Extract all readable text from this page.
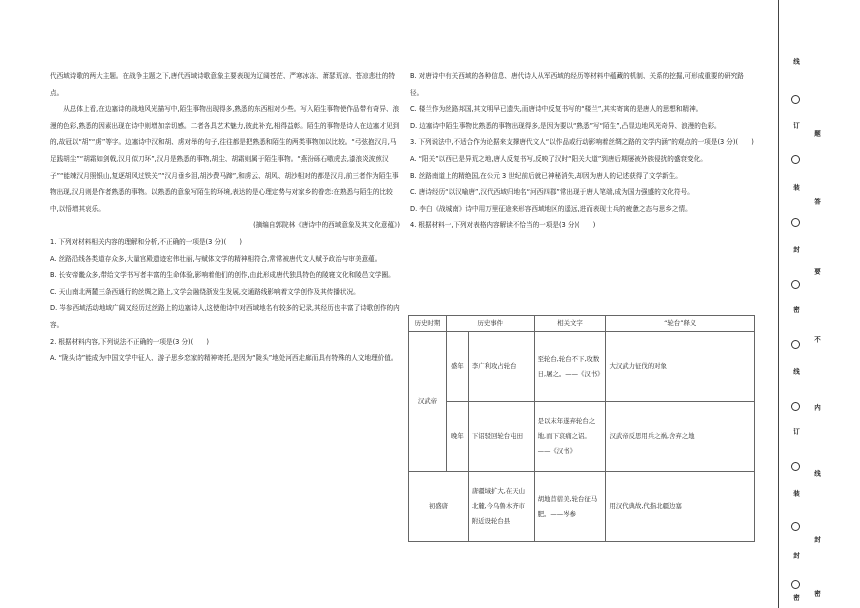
代西域诗歌的两大主题。在战争主题之下,唐代西域诗歌意象主要表现为辽阔苍茫、严寒冰冻、萧瑟荒凉、苍凉悲壮的特点。

从总体上看,在边塞诗的战地风光描写中,陌生事物出现得多,熟悉的东西相对少些。写入陌生事物使作品带有奇异、浪漫的色彩,熟悉的因素出现在诗中则增加亲切感。二者各具艺术魅力,彼此补充,相得益彰。陌生的事物是诗人在边塞才见到的,故冠以“胡”“虏”等字。边塞诗中汉和胡、虏对举的句子,往往都是把熟悉和陌生的两类事物加以比较。“弓弦抱汉月,马足践胡尘”“胡霜如剑戟,汉月似刀环”,汉月是熟悉的事物,胡尘、胡霜则属于陌生事物。“燕汾砾石嗷虎去,漆浪炎波煎汉子”“能竦汉月照银山,复逐胡风过铁关”“汉月垂乡泪,胡沙费马蹄”,和虏云、胡风、胡沙相对的都是汉月,前三者作为陌生事物出现,汉月则是作者熟悉的事物。以熟悉的意象写陌生的环境,表达的是心理定势与对家乡的眷恋:在熟悉与陌生的比较中,以悟增其哀乐。

(摘编自郭院林《唐诗中的西域意象及其文化意蕴》)

1. 下列对材料相关内容的理解和分析,不正确的一项是(3 分)(　　)

A. 丝路沿线各类道存众多,大量宫殿遗迹宏伟壮丽,与赋体文学的精神相符合,常常被唐代文人赋予政治与审美意蕴。

B. 长安帝畿众多,带给文学书写者丰富的生命体验,影响着他们的创作,由此形成唐代独具特色的陵寝文化和陵邑文学圈。

C. 天山南北两麓三条西通行的丝绸之路上,文学会融绕浙发生发展,交通路线影响着文学创作及其传播状况。

D. 岑参西域活动地域广阔又经历过丝路上的边塞诗人,这使他诗中对西域地名有较多的记录,其经历也丰富了诗歌创作的内容。

2. 根据材料内容,下列说法不正确的一项是(3 分)(　　)

A. “陇头诗”能成为中国文学中征人、游子思乡恋家的精神寄托,是因为“陇头”地处河西走廊而具有特殊的人文地理价值。

B. 对唐诗中有关西域的各种信息、唐代诗人从军西域的经历等材料中蕴藏的机制、关系的挖掘,可形成重要的研究路径。

C. 楼兰作为丝路邦国,其文明早已遗失,而唐诗中反复书写的“楼兰”,其实寄寓的是唐人的思想和精神。

D. 边塞诗中陌生事物比熟悉的事物出现得多,是因为要以“熟悉”写“陌生”,凸显边地风光奇异、浪漫的色彩。

3. 下列说法中,不适合作为论据来支撑唐代文人“以作品或行动影响着丝绸之路的文学内涵”的观点的一项是(3 分)(　　)

A. “阳关”以西已是异荒之地,唐人反复书写,反映了汉时“阳关大道”到唐后期屡被外族侵扰的盛衰变化。

B. 丝路南道上的精绝国,在公元 3 世纪前后就已神秘消失,却因为唐人的记述获得了文学新生。

C. 唐诗经历“以汉喻唐”,汉代西域归地名“河西四郡”常出现于唐人笔端,成为国力强盛的文化符号。

D. 李白《战城南》诗中用万里征途来形容西域地区的遥远,进而表现士兵的疲惫之态与思乡之情。

4. 根据材料一,下列对表格内容解读不恰当的一项是(3 分)(　　)

历史时期	历史事件		相关文字	“轮台”释义
汉武帝	盛年	李广利攻占轮台	至轮台,轮台不下,攻数日,屠之。——《汉书》	大汉武力征伐的对象
	晚年	下诏驳回轮台屯田	是以末年遂弃轮台之地,而下哀痛之诏。——《汉书》	汉武帝反思用兵之祸,舍弃之地
初盛唐		唐疆域扩大,在天山北麓,今乌鲁木齐市附近设轮台县	胡地苜蓿美,轮台征马肥。——岑参	用汉代典故,代指北疆边塞
线
订
装
封
密
线
订
装
封
密
题
答
要
不
内
线
封
密
